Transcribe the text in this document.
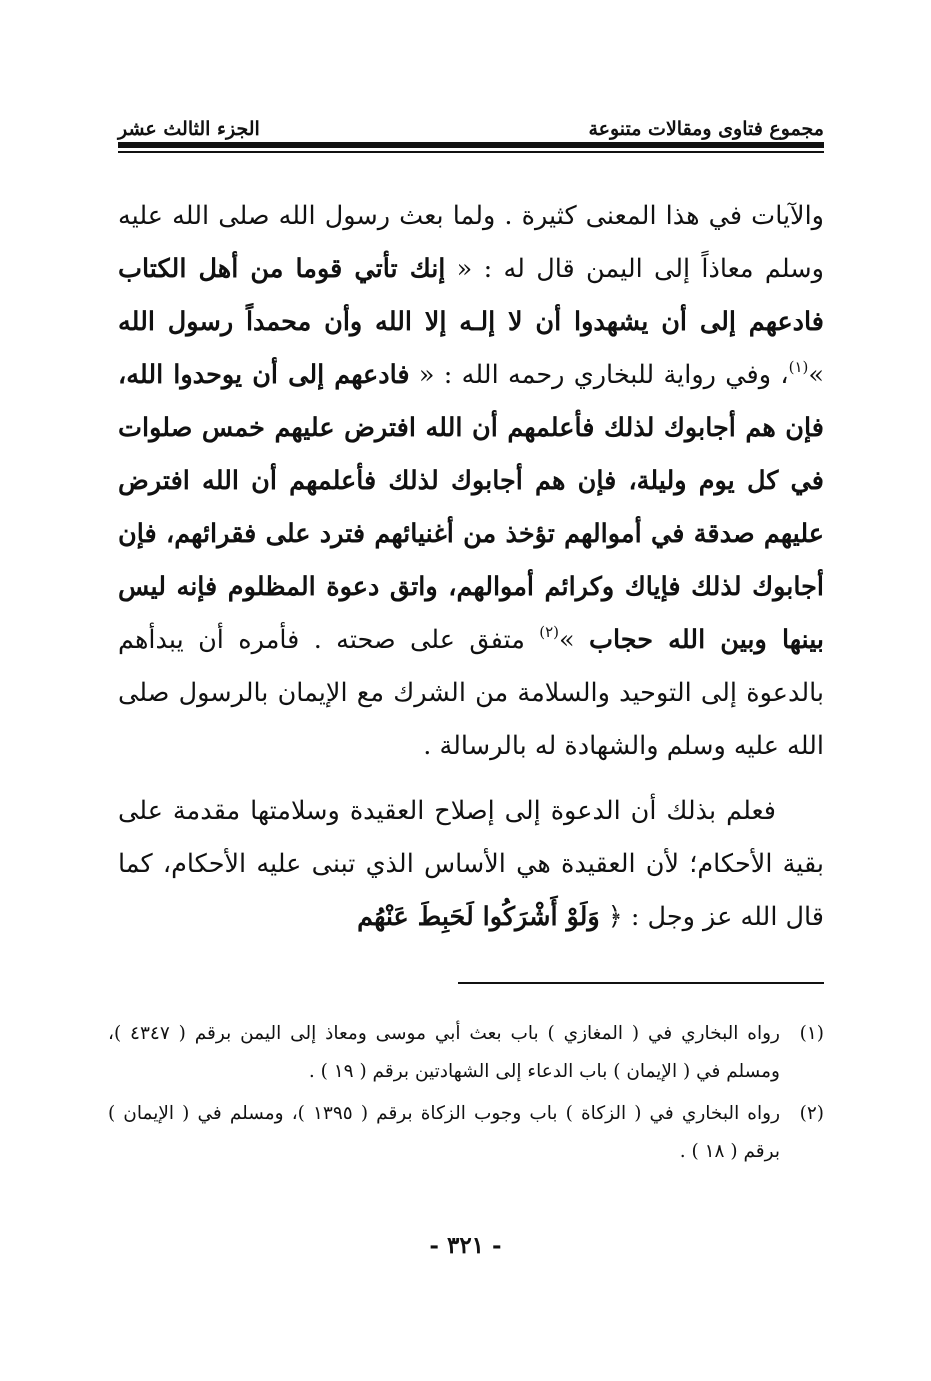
مجموع فتاوى ومقالات متنوعة
الجزء الثالث عشر

والآيات في هذا المعنى كثيرة . ولما بعث رسول الله صلى الله عليه وسلم معاذاً إلى اليمن قال له : « إنك تأتي قوما من أهل الكتاب فادعهم إلى أن يشهدوا أن لا إلـه إلا الله وأن محمداً رسول الله »$^{(١)}$، وفي رواية للبخاري رحمه الله : « فادعهم إلى أن يوحدوا الله، فإن هم أجابوك لذلك فأعلمهم أن الله افترض عليهم خمس صلوات في كل يوم وليلة، فإن هم أجابوك لذلك فأعلمهم أن الله افترض عليهم صدقة في أموالهم تؤخذ من أغنيائهم فترد على فقرائهم، فإن أجابوك لذلك فإياك وكرائم أموالهم، واتق دعوة المظلوم فإنه ليس بينها وبين الله حجاب »$^{(٢)}$ متفق على صحته . فأمره أن يبدأهم بالدعوة إلى التوحيد والسلامة من الشرك مع الإيمان بالرسول صلى الله عليه وسلم والشهادة له بالرسالة .

فعلم بذلك أن الدعوة إلى إصلاح العقيدة وسلامتها مقدمة على بقية الأحكام؛ لأن العقيدة هي الأساس الذي تبنى عليه الأحكام، كما قال الله عز وجل : ﴿ وَلَوْ أَشْرَكُوا لَحَبِطَ عَنْهُم

(١)
رواه البخاري في ( المغازي ) باب بعث أبي موسى ومعاذ إلى اليمن برقم ( ٤٣٤٧ )، ومسلم في ( الإيمان ) باب الدعاء إلى الشهادتين برقم ( ١٩ ) .
(٢)
رواه البخاري في ( الزكاة ) باب وجوب الزكاة برقم ( ١٣٩٥ )، ومسلم في ( الإيمان ) برقم ( ١٨ ) .
- ٣٢١ -
